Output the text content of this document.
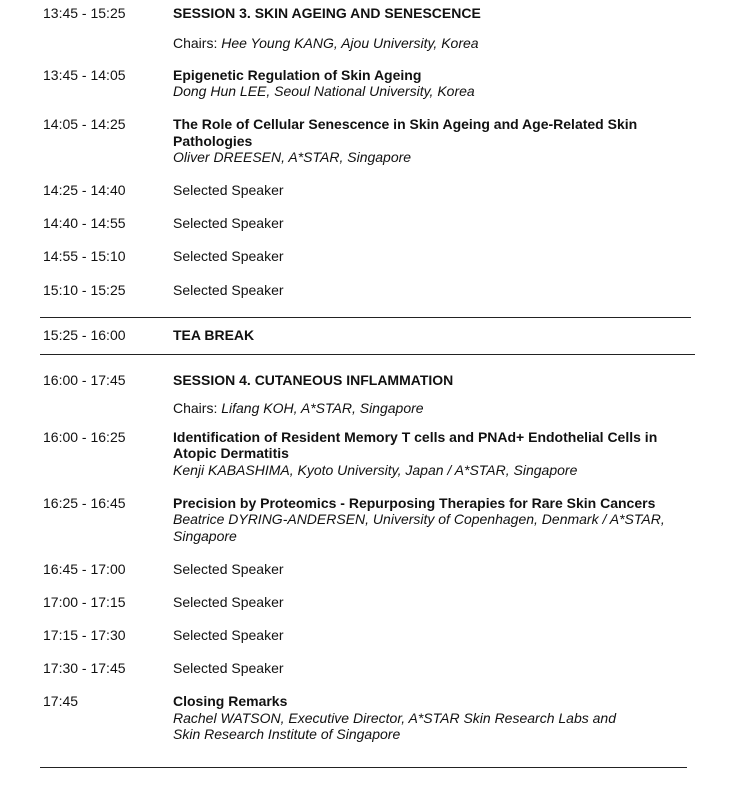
13:45 - 15:25	SESSION 3. SKIN AGEING AND SENESCENCE
Chairs: Hee Young KANG, Ajou University, Korea
13:45 - 14:05	Epigenetic Regulation of Skin Ageing
Dong Hun LEE, Seoul National University, Korea
14:05 - 14:25	The Role of Cellular Senescence in Skin Ageing and Age-Related Skin
Pathologies
Oliver DREESEN, A*STAR, Singapore
14:25 - 14:40	Selected Speaker
14:40 - 14:55	Selected Speaker
14:55 - 15:10	Selected Speaker
15:10 - 15:25	Selected Speaker
15:25 - 16:00	TEA BREAK
16:00 - 17:45	SESSION 4. CUTANEOUS INFLAMMATION
Chairs: Lifang KOH, A*STAR, Singapore
16:00 - 16:25	Identification of Resident Memory T cells and PNAd+ Endothelial Cells in
Atopic Dermatitis
Kenji KABASHIMA, Kyoto University, Japan / A*STAR, Singapore
16:25 - 16:45	Precision by Proteomics - Repurposing Therapies for Rare Skin Cancers
Beatrice DYRING-ANDERSEN, University of Copenhagen, Denmark / A*STAR,
Singapore
16:45 - 17:00	Selected Speaker
17:00 - 17:15	Selected Speaker
17:15 - 17:30	Selected Speaker
17:30 - 17:45	Selected Speaker
17:45	Closing Remarks
Rachel WATSON, Executive Director, A*STAR Skin Research Labs and
Skin Research Institute of Singapore
